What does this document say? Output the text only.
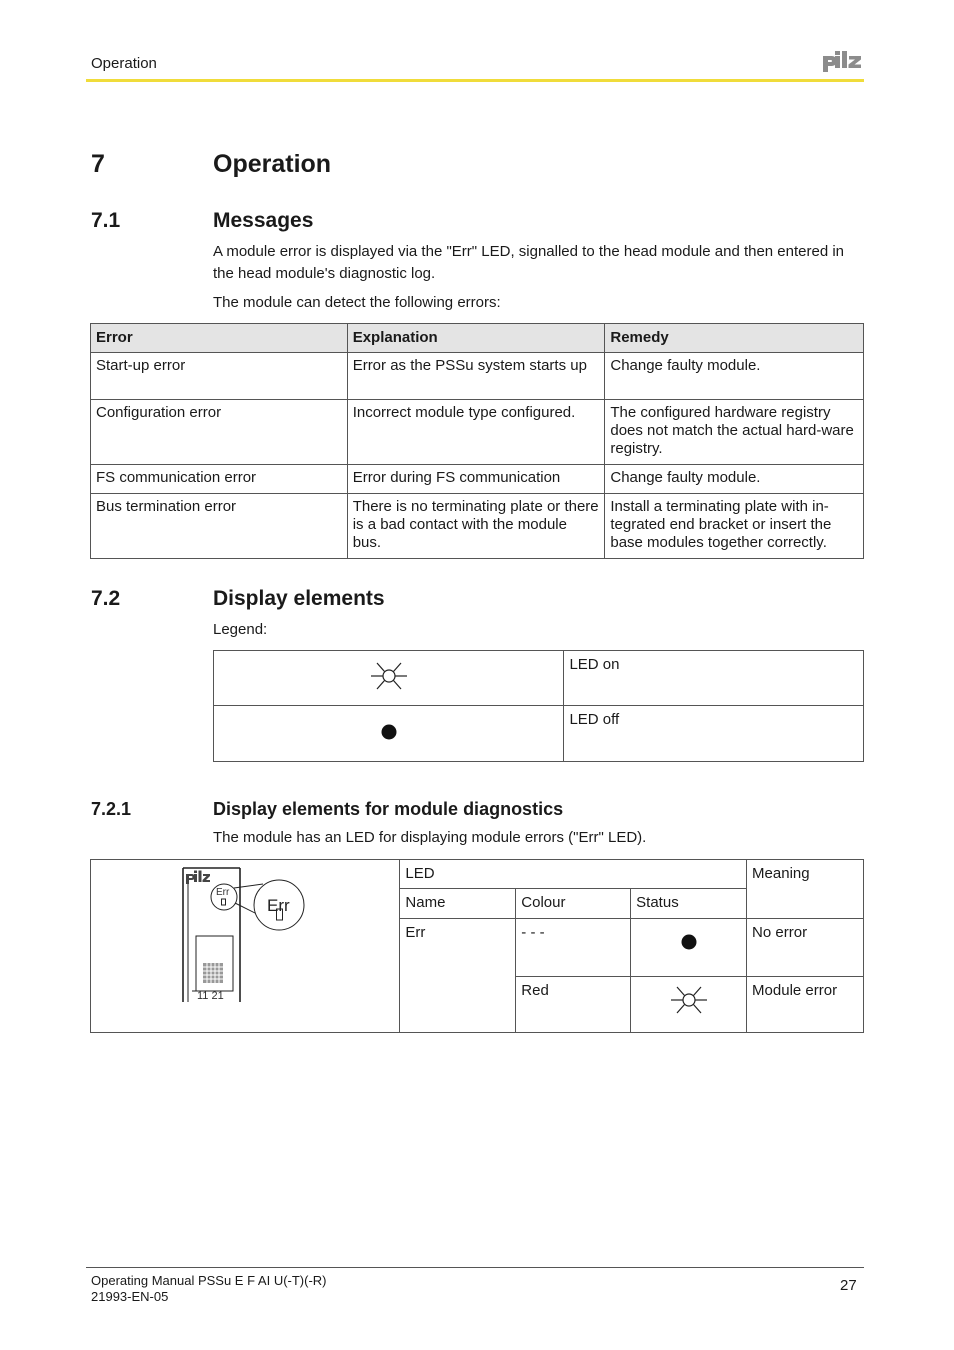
Operation
7	Operation
7.1	Messages
A module error is displayed via the "Err" LED, signalled to the head module and then entered in the head module's diagnostic log.
The module can detect the following errors:
Error	Explanation	Remedy
Start-up error	Error as the PSSu system starts up	Change faulty module.
Configuration error	Incorrect module type configured.	The configured hardware registry does not match the actual hard-ware registry.
FS communication error	Error during FS communication	Change faulty module.
Bus termination error	There is no terminating plate or there is a bad contact with the module bus.	Install a terminating plate with in-tegrated end bracket or insert the base modules together correctly.
7.2	Display elements
Legend:
	LED on
	LED off
7.2.1	Display elements for module diagnostics
The module has an LED for displaying module errors ("Err" LED).
Err
Err
11 21	LED			Meaning
	Name	Colour	Status	
	Err	- - -		No error
		Red		Module error
Operating Manual PSSu E F AI U(-T)(-R)
21993-EN-05
27
